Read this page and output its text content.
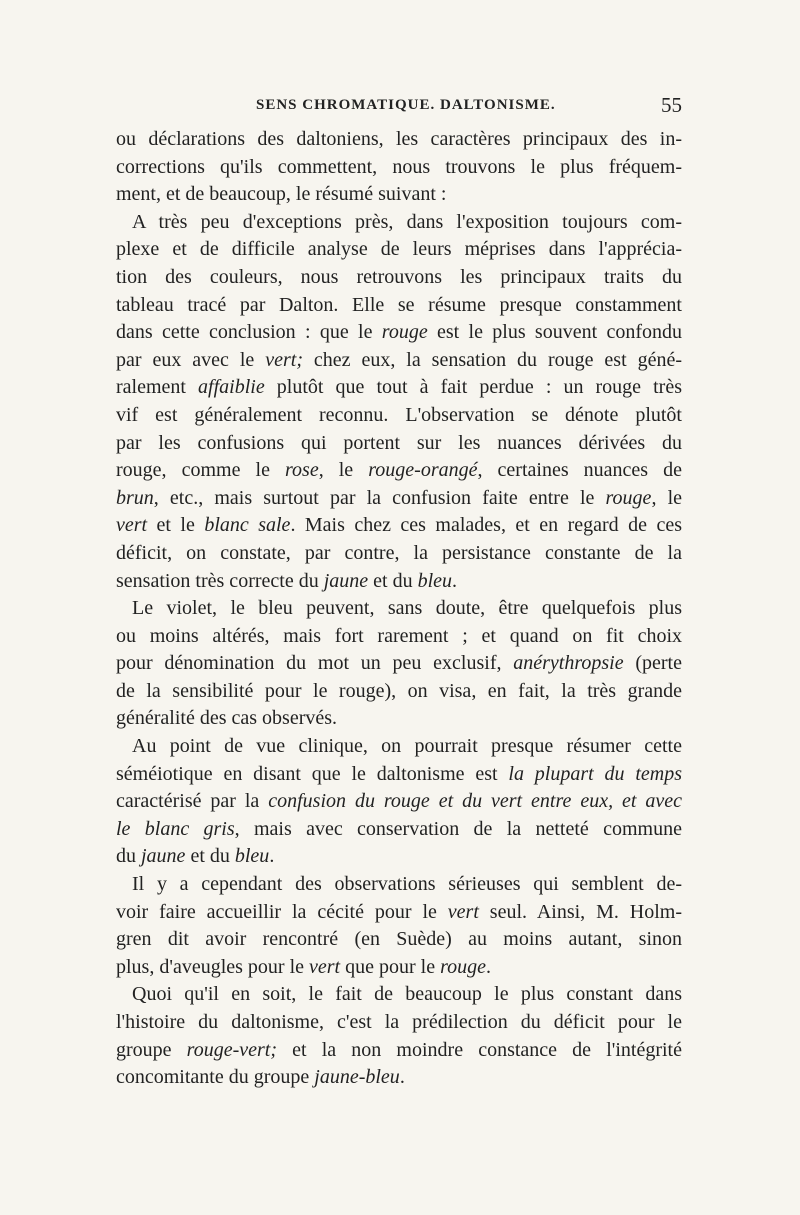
SENS CHROMATIQUE. DALTONISME.	55
ou déclarations des daltoniens, les caractères principaux des in-
corrections qu'ils commettent, nous trouvons le plus fréquem-
ment, et de beaucoup, le résumé suivant :
A très peu d'exceptions près, dans l'exposition toujours com-
plexe et de difficile analyse de leurs méprises dans l'apprécia-
tion des couleurs, nous retrouvons les principaux traits du
tableau tracé par Dalton. Elle se résume presque constamment
dans cette conclusion : que le rouge est le plus souvent confondu
par eux avec le vert; chez eux, la sensation du rouge est géné-
ralement affaiblie plutôt que tout à fait perdue : un rouge très
vif est généralement reconnu. L'observation se dénote plutôt
par les confusions qui portent sur les nuances dérivées du
rouge, comme le rose, le rouge-orangé, certaines nuances de
brun, etc., mais surtout par la confusion faite entre le rouge, le
vert et le blanc sale. Mais chez ces malades, et en regard de ces
déficit, on constate, par contre, la persistance constante de la
sensation très correcte du jaune et du bleu.
Le violet, le bleu peuvent, sans doute, être quelquefois plus
ou moins altérés, mais fort rarement ; et quand on fit choix
pour dénomination du mot un peu exclusif, anérythropsie (perte
de la sensibilité pour le rouge), on visa, en fait, la très grande
généralité des cas observés.
Au point de vue clinique, on pourrait presque résumer cette
séméiotique en disant que le daltonisme est la plupart du temps
caractérisé par la confusion du rouge et du vert entre eux, et avec
le blanc gris, mais avec conservation de la netteté commune
du jaune et du bleu.
Il y a cependant des observations sérieuses qui semblent de-
voir faire accueillir la cécité pour le vert seul. Ainsi, M. Holm-
gren dit avoir rencontré (en Suède) au moins autant, sinon
plus, d'aveugles pour le vert que pour le rouge.
Quoi qu'il en soit, le fait de beaucoup le plus constant dans
l'histoire du daltonisme, c'est la prédilection du déficit pour le
groupe rouge-vert; et la non moindre constance de l'intégrité
concomitante du groupe jaune-bleu.
